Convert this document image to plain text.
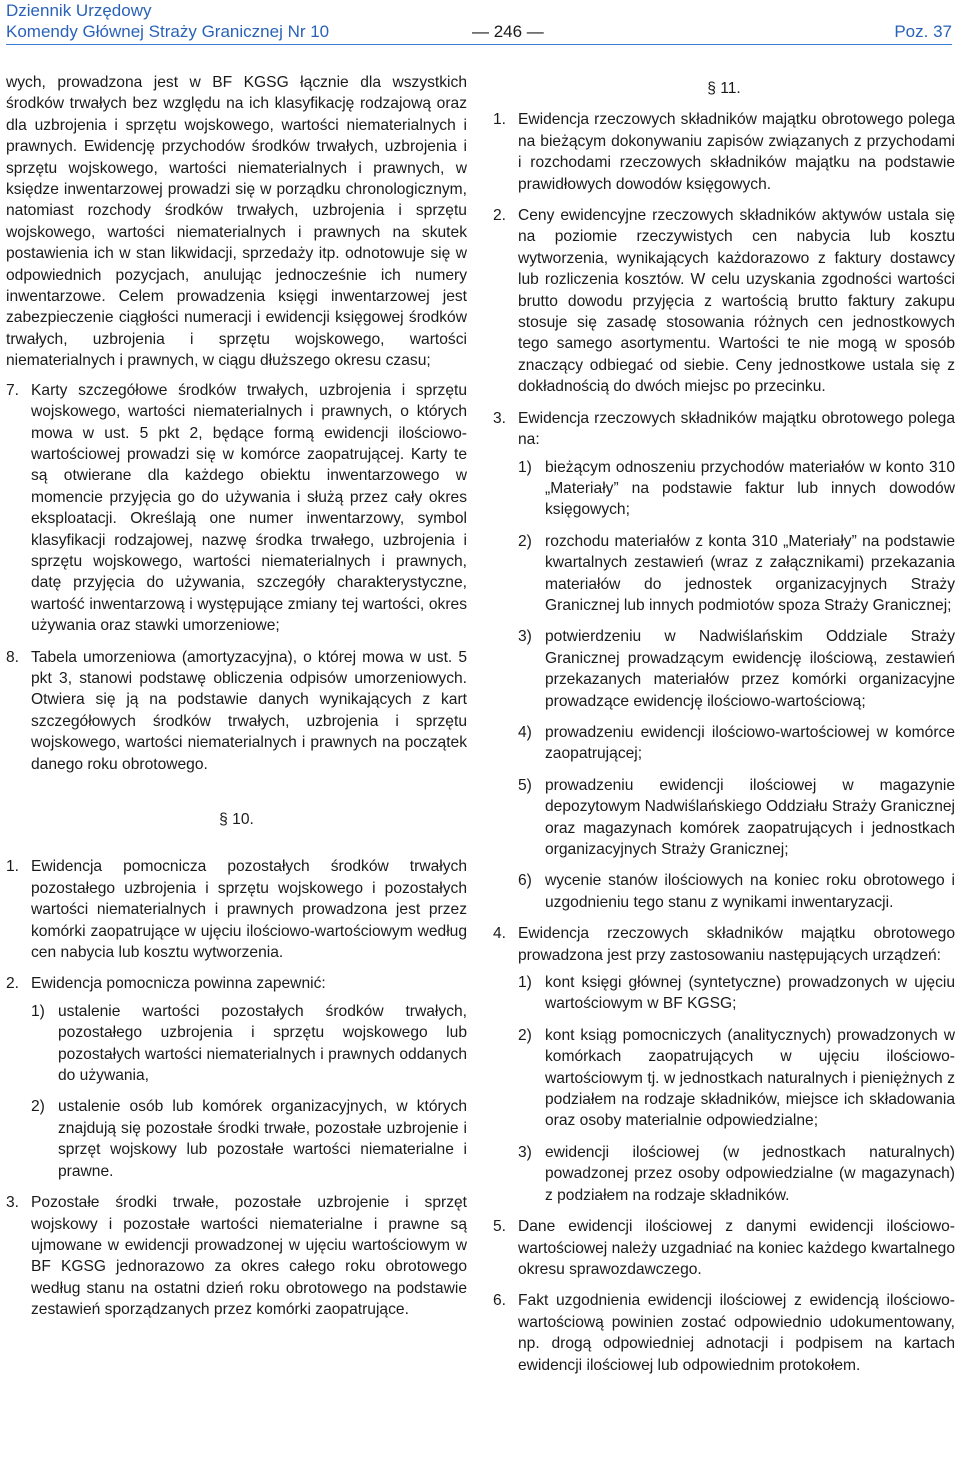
Dziennik Urzędowy
Komendy Głównej Straży Granicznej Nr 10	— 246 —	Poz. 37

wych, prowadzona jest w BF KGSG łącznie dla wszystkich środków trwałych bez względu na ich klasyfikację rodzajową oraz dla uzbrojenia i sprzętu wojskowego, wartości niematerialnych i prawnych. Ewidencję przychodów środków trwałych, uzbrojenia i sprzętu wojskowego, wartości niematerialnych i prawnych, w księdze inwentarzowej prowadzi się w porządku chronologicznym, natomiast rozchody środków trwałych, uzbrojenia i sprzętu wojskowego, wartości niematerialnych i prawnych na skutek postawienia ich w stan likwidacji, sprzedaży itp. odnotowuje się w odpowiednich pozycjach, anulując jednocześnie ich numery inwentarzowe. Celem prowadzenia księgi inwentarzowej jest zabezpieczenie ciągłości numeracji i ewidencji księgowej środków trwałych, uzbrojenia i sprzętu wojskowego, wartości niematerialnych i prawnych, w ciągu dłuższego okresu czasu;

7. Karty szczegółowe środków trwałych, uzbrojenia i sprzętu wojskowego, wartości niematerialnych i prawnych, o których mowa w ust. 5 pkt 2, będące formą ewidencji ilościowo-wartościowej prowadzi się w komórce zaopatrującej. Karty te są otwierane dla każdego obiektu inwentarzowego w momencie przyjęcia go do używania i służą przez cały okres eksploatacji. Określają one numer inwentarzowy, symbol klasyfikacji rodzajowej, nazwę środka trwałego, uzbrojenia i sprzętu wojskowego, wartości niematerialnych i prawnych, datę przyjęcia do używania, szczegóły charakterystyczne, wartość inwentarzową i występujące zmiany tej wartości, okres używania oraz stawki umorzeniowe;

8. Tabela umorzeniowa (amortyzacyjna), o której mowa w ust. 5 pkt 3, stanowi podstawę obliczenia odpisów umorzeniowych. Otwiera się ją na podstawie danych wynikających z kart szczegółowych środków trwałych, uzbrojenia i sprzętu wojskowego, wartości niematerialnych i prawnych na początek danego roku obrotowego.

§ 10.
1. Ewidencja pomocnicza pozostałych środków trwałych pozostałego uzbrojenia i sprzętu wojskowego i pozostałych wartości niematerialnych i prawnych prowadzona jest przez komórki zaopatrujące w ujęciu ilościowo-wartościowym według cen nabycia lub kosztu wytworzenia.

2. Ewidencja pomocnicza powinna zapewnić:

1) ustalenie wartości pozostałych środków trwałych, pozostałego uzbrojenia i sprzętu wojskowego lub pozostałych wartości niematerialnych i prawnych oddanych do używania,

2) ustalenie osób lub komórek organizacyjnych, w których znajdują się pozostałe środki trwałe, pozostałe uzbrojenie i sprzęt wojskowy lub pozostałe wartości niematerialne i prawne.

3. Pozostałe środki trwałe, pozostałe uzbrojenie i sprzęt wojskowy i pozostałe wartości niematerialne i prawne są ujmowane w ewidencji prowadzonej w ujęciu wartościowym w BF KGSG jednorazowo za okres całego roku obrotowego według stanu na ostatni dzień roku obrotowego na podstawie zestawień sporządzanych przez komórki zaopatrujące.

§ 11.
1. Ewidencja rzeczowych składników majątku obrotowego polega na bieżącym dokonywaniu zapisów związanych z przychodami i rozchodami rzeczowych składników majątku na podstawie prawidłowych dowodów księgowych.

2. Ceny ewidencyjne rzeczowych składników aktywów ustala się na poziomie rzeczywistych cen nabycia lub kosztu wytworzenia, wynikających każdorazowo z faktury dostawcy lub rozliczenia kosztów. W celu uzyskania zgodności wartości brutto dowodu przyjęcia z wartością brutto faktury zakupu stosuje się zasadę stosowania różnych cen jednostkowych tego samego asortymentu. Wartości te nie mogą w sposób znaczący odbiegać od siebie. Ceny jednostkowe ustala się z dokładnością do dwóch miejsc po przecinku.

3. Ewidencja rzeczowych składników majątku obrotowego polega na:

1) bieżącym odnoszeniu przychodów materiałów w konto 310 „Materiały” na podstawie faktur lub innych dowodów księgowych;

2) rozchodu materiałów z konta 310 „Materiały” na podstawie kwartalnych zestawień (wraz z załącznikami) przekazania materiałów do jednostek organizacyjnych Straży Granicznej lub innych podmiotów spoza Straży Granicznej;

3) potwierdzeniu w Nadwiślańskim Oddziale Straży Granicznej prowadzącym ewidencję ilościową, zestawień przekazanych materiałów przez komórki organizacyjne prowadzące ewidencję ilościowo-wartościową;

4) prowadzeniu ewidencji ilościowo-wartościowej w komórce zaopatrującej;

5) prowadzeniu ewidencji ilościowej w magazynie depozytowym Nadwiślańskiego Oddziału Straży Granicznej oraz magazynach komórek zaopatrujących i jednostkach organizacyjnych Straży Granicznej;

6) wycenie stanów ilościowych na koniec roku obrotowego i uzgodnieniu tego stanu z wynikami inwentaryzacji.

4. Ewidencja rzeczowych składników majątku obrotowego prowadzona jest przy zastosowaniu następujących urządzeń:

1) kont księgi głównej (syntetyczne) prowadzonych w ujęciu wartościowym w BF KGSG;

2) kont ksiąg pomocniczych (analitycznych) prowadzonych w komórkach zaopatrujących w ujęciu ilościowo-wartościowym tj. w jednostkach naturalnych i pieniężnych z podziałem na rodzaje składników, miejsce ich składowania oraz osoby materialnie odpowiedzialne;

3) ewidencji ilościowej (w jednostkach naturalnych) powadzonej przez osoby odpowiedzialne (w magazynach) z podziałem na rodzaje składników.

5. Dane ewidencji ilościowej z danymi ewidencji ilościowo-wartościowej należy uzgadniać na koniec każdego kwartalnego okresu sprawozdawczego.

6. Fakt uzgodnienia ewidencji ilościowej z ewidencją ilościowo-wartościową powinien zostać odpowiednio udokumentowany, np. drogą odpowiedniej adnotacji i podpisem na kartach ewidencji ilościowej lub odpowiednim protokołem.
